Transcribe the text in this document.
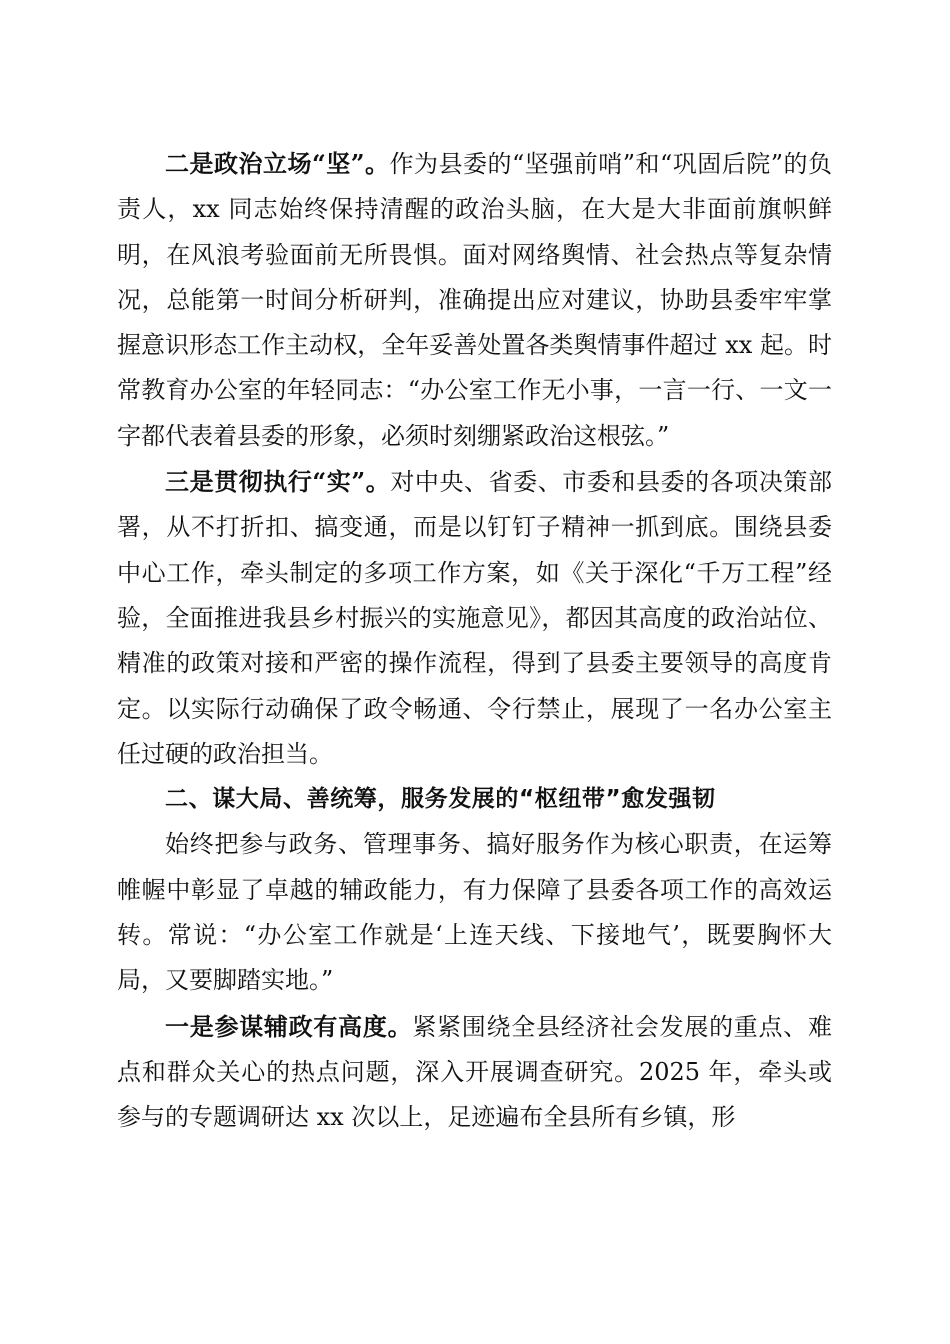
二是政治立场“坚”。作为县委的“坚强前哨”和“巩固后院”的负责人，xx 同志始终保持清醒的政治头脑，在大是大非面前旗帜鲜明，在风浪考验面前无所畏惧。面对网络舆情、社会热点等复杂情况，总能第一时间分析研判，准确提出应对建议，协助县委牢牢掌握意识形态工作主动权，全年妥善处置各类舆情事件超过 xx 起。时常教育办公室的年轻同志：“办公室工作无小事，一言一行、一文一字都代表着县委的形象，必须时刻绷紧政治这根弦。”

三是贯彻执行“实”。对中央、省委、市委和县委的各项决策部署，从不打折扣、搞变通，而是以钉钉子精神一抓到底。围绕县委中心工作，牵头制定的多项工作方案，如《关于深化“千万工程”经验，全面推进我县乡村振兴的实施意见》，都因其高度的政治站位、精准的政策对接和严密的操作流程，得到了县委主要领导的高度肯定。以实际行动确保了政令畅通、令行禁止，展现了一名办公室主任过硬的政治担当。

二、谋大局、善统筹，服务发展的“枢纽带”愈发强韧

始终把参与政务、管理事务、搞好服务作为核心职责，在运筹帷幄中彰显了卓越的辅政能力，有力保障了县委各项工作的高效运转。常说：“办公室工作就是‘上连天线、下接地气’，既要胸怀大局，又要脚踏实地。”

一是参谋辅政有高度。紧紧围绕全县经济社会发展的重点、难点和群众关心的热点问题，深入开展调查研究。2025 年，牵头或参与的专题调研达 xx 次以上，足迹遍布全县所有乡镇，形
